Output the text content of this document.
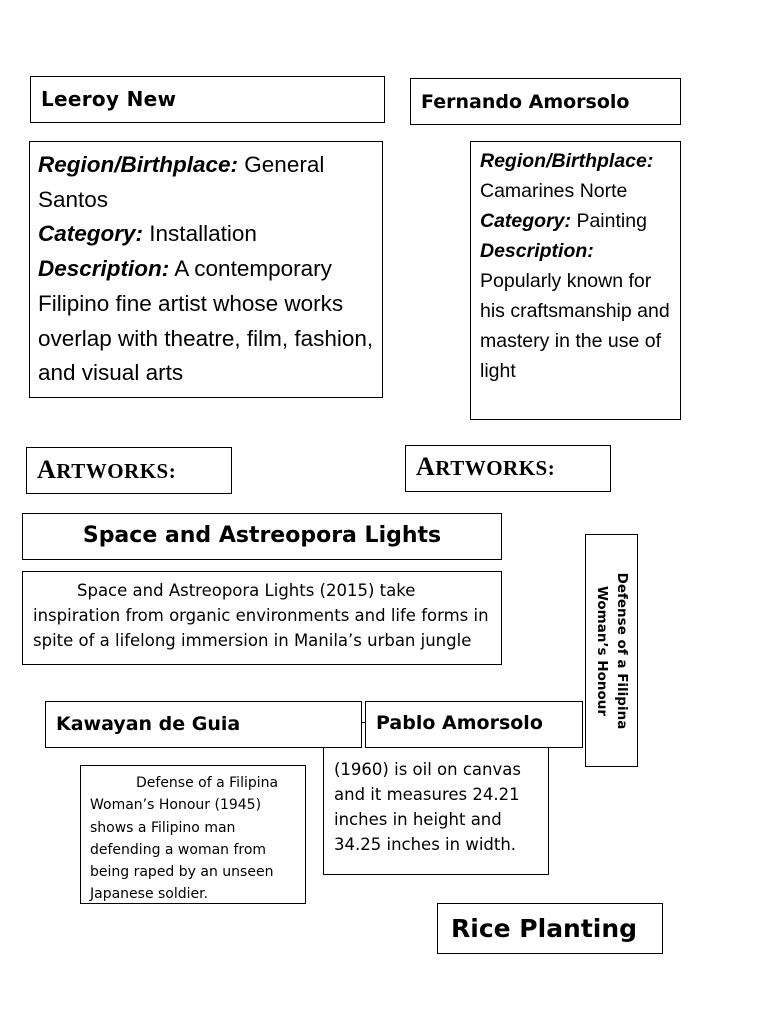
Leeroy New	Fernando Amorsolo
Region/Birthplace: General Santos
Category: Installation
Description: A contemporary Filipino fine artist whose works overlap with theatre, film, fashion, and visual arts
Region/Birthplace:
Camarines Norte
Category: Painting
Description:
Popularly known for his craftsmanship and mastery in the use of light
ARTWORKS:	ARTWORKS:
Space and Astreopora Lights
Space and Astreopora Lights (2015) take inspiration from organic environments and life forms in spite of a lifelong immersion in Manila’s urban jungle	Defense of a Filipina Woman’s Honour
(1960) is oil on canvas and it measures 24.21 inches in height and 34.25 inches in width.
Kawayan de Guia	Pablo Amorsolo
Defense of a Filipina Woman’s Honour (1945) shows a Filipino man defending a woman from being raped by an unseen Japanese soldier.
Rice Planting
